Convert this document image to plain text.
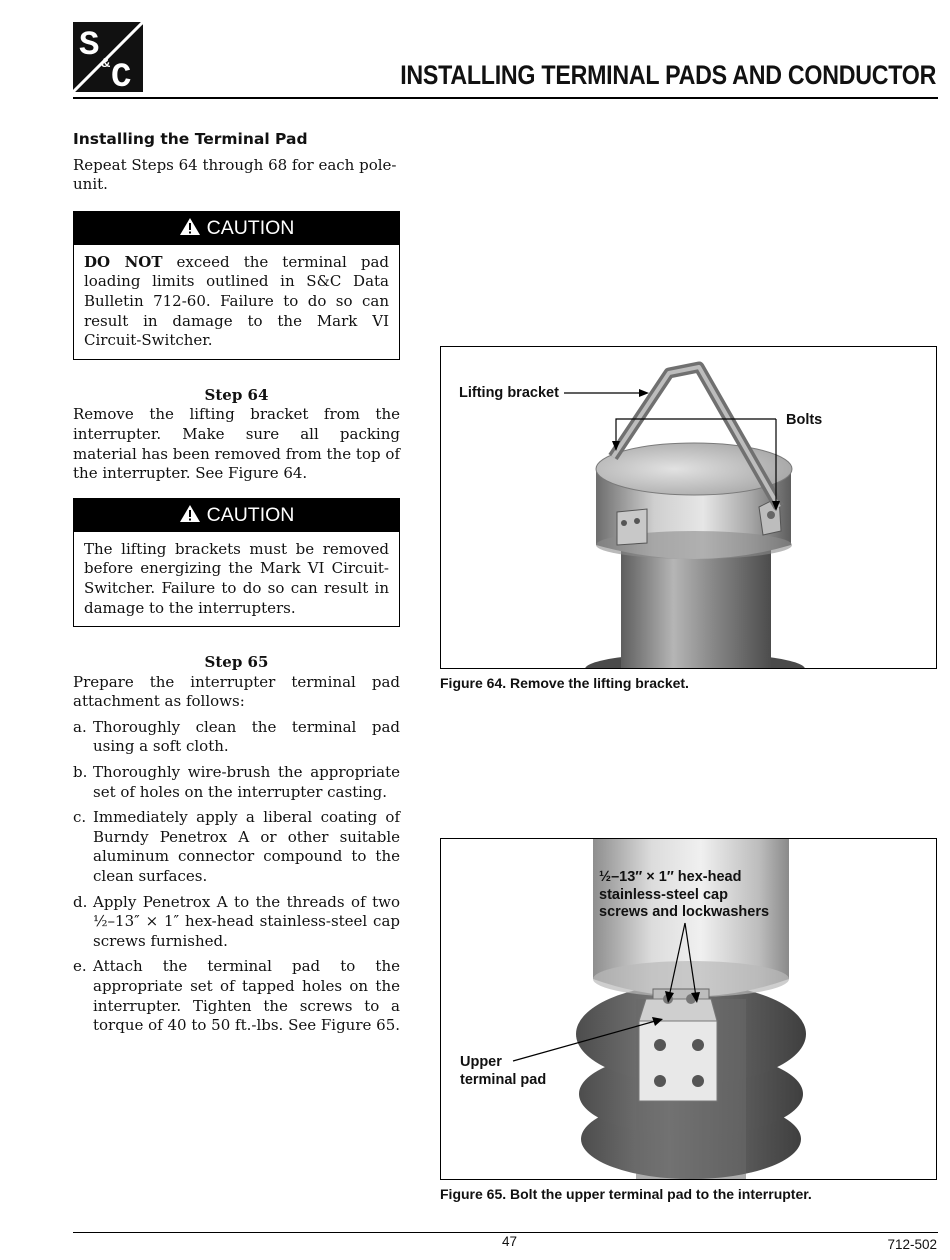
S & C	INSTALLING TERMINAL PADS AND CONDUCTOR
Installing the Terminal Pad

Repeat Steps 64 through 68 for each pole-unit.

CAUTION
DO NOT exceed the terminal pad loading limits outlined in S&C Data Bulletin 712-60. Failure to do so can result in damage to the Mark VI Circuit-Switcher.

Step 64

Remove the lifting bracket from the interrupter. Make sure all packing material has been removed from the top of the interrupter. See Figure 64.

CAUTION
The lifting brackets must be removed before energizing the Mark VI Circuit-Switcher. Failure to do so can result in damage to the interrupters.

Step 65

Prepare the interrupter terminal pad attachment as follows:

a. Thoroughly clean the terminal pad using a soft cloth.
b. Thoroughly wire-brush the appropriate set of holes on the interrupter casting.
c. Immediately apply a liberal coating of Burndy Penetrox A or other suitable aluminum connector compound to the clean surfaces.
d. Apply Penetrox A to the threads of two ½–13″ × 1″ hex-head stainless-steel cap screws furnished.
e. Attach the terminal pad to the appropriate set of tapped holes on the interrupter. Tighten the screws to a torque of 40 to 50 ft.-lbs. See Figure 65.
Lifting bracket
Bolts
Figure 64. Remove the lifting bracket.
½–13″ × 1″ hex-head
stainless-steel cap
screws and lockwashers
Upper
terminal pad
Figure 65. Bolt the upper terminal pad to the interrupter.
47	712-502
